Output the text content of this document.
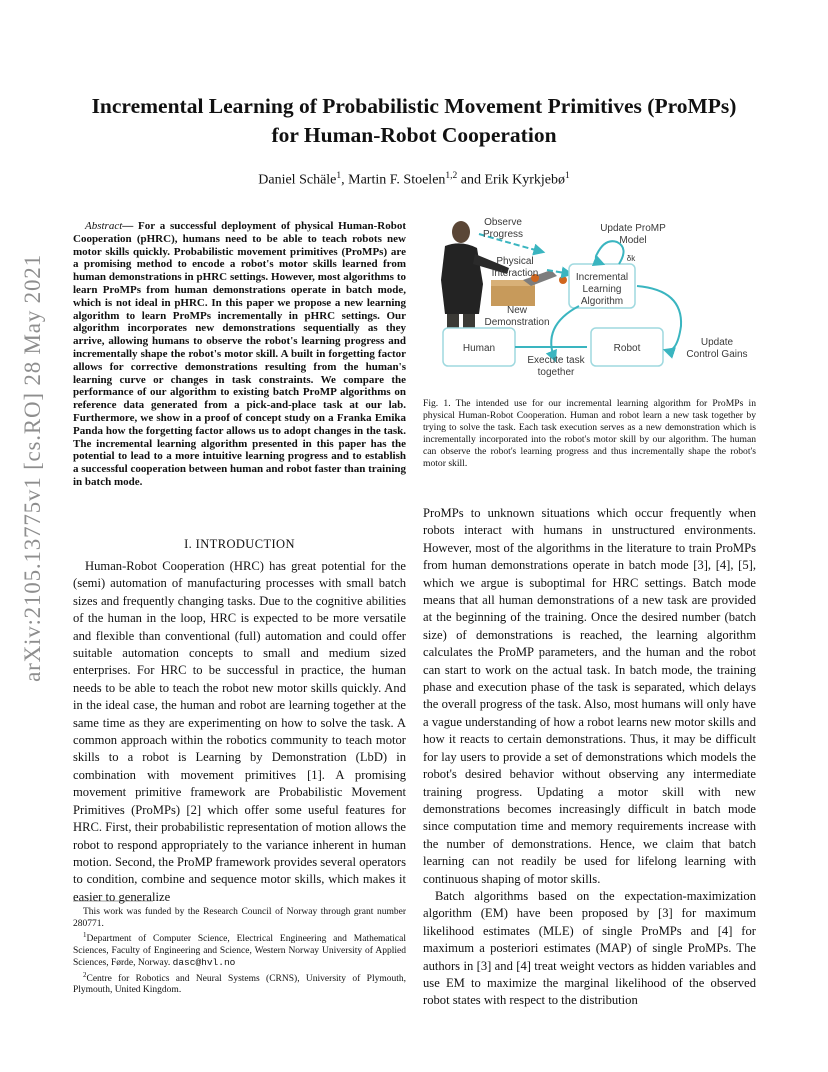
Incremental Learning of Probabilistic Movement Primitives (ProMPs)
for Human-Robot Cooperation
Daniel Schäle$^1$, Martin F. Stoelen$^{1,2}$ and Erik Kyrkjebø$^1$
arXiv:2105.13775v1 [cs.RO] 28 May 2021
Abstract— For a successful deployment of physical Human-Robot Cooperation (pHRC), humans need to be able to teach robots new motor skills quickly. Probabilistic movement primitives (ProMPs) are a promising method to encode a robot's motor skills learned from human demonstrations in pHRC settings. However, most algorithms to learn ProMPs from human demonstrations operate in batch mode, which is not ideal in pHRC. In this paper we propose a new learning algorithm to learn ProMPs incrementally in pHRC settings. Our algorithm incorporates new demonstrations sequentially as they arrive, allowing humans to observe the robot's learning progress and incrementally shape the robot's motor skill. A built in forgetting factor allows for corrective demonstrations resulting from the human's learning curve or changes in task constraints. We compare the performance of our algorithm to existing batch ProMP algorithms on reference data generated from a pick-and-place task at our lab. Furthermore, we show in a proof of concept study on a Franka Emika Panda how the forgetting factor allows us to adopt changes in the task. The incremental learning algorithm presented in this paper has the potential to lead to a more intuitive learning progress and to establish a successful cooperation between human and robot faster than training in batch mode.
I. INTRODUCTION
Human-Robot Cooperation (HRC) has great potential for the (semi) automation of manufacturing processes with small batch sizes and frequently changing tasks. Due to the cognitive abilities of the human in the loop, HRC is expected to be more versatile and flexible than conventional (full) automation and could offer suitable automation concepts to small and medium sized enterprises. For HRC to be successful in practice, the human needs to be able to teach the robot new motor skills quickly. And in the ideal case, the human and robot are learning together at the same time as they are experimenting on how to solve the task. A common approach within the robotics community to teach motor skills to a robot is Learning by Demonstration (LbD) in combination with movement primitives [1]. A promising movement primitive framework are Probabilistic Movement Primitives (ProMPs) [2] which offer some useful features for HRC. First, their probabilistic representation of motion allows the robot to respond appropriately to the variance inherent in human motion. Second, the ProMP framework provides several operators to condition, combine and sequence motor skills, which makes it easier to generalize

This work was funded by the Research Council of Norway through grant number 280771.

$^1$Department of Computer Science, Electrical Engineering and Mathematical Sciences, Faculty of Engineering and Science, Western Norway University of Applied Sciences, Førde, Norway. dasc@hvl.no

$^2$Centre for Robotics and Neural Systems (CRNS), University of Plymouth, Plymouth, United Kingdom.

Observe
Progress
Update ProMP
Model
δk
Physical
Interaction	Incremental
Learning
Algorithm
New
Demonstration
Human	Robot
Execute task
together
Update
Control Gains
Fig. 1. The intended use for our incremental learning algorithm for ProMPs in physical Human-Robot Cooperation. Human and robot learn a new task together by trying to solve the task. Each task execution serves as a new demonstration which is incrementally incorporated into the robot's motor skill by our algorithm. The human can observe the robot's learning progress and thus incrementally shape the robot's motor skill.

ProMPs to unknown situations which occur frequently when robots interact with humans in unstructured environments. However, most of the algorithms in the literature to train ProMPs from human demonstrations operate in batch mode [3], [4], [5], which we argue is suboptimal for HRC settings. Batch mode means that all human demonstrations of a new task are provided at the beginning of the training. Once the desired number (batch size) of demonstrations is reached, the learning algorithm calculates the ProMP parameters, and the human and the robot can start to work on the actual task. In batch mode, the training phase and execution phase of the task is separated, which delays the overall progress of the task. Also, most humans will only have a vague understanding of how a robot learns new motor skills and how it reacts to certain demonstrations. Thus, it may be difficult for lay users to provide a set of demonstrations which models the robot's desired behavior without observing any intermediate training progress. Updating a motor skill with new demonstrations becomes increasingly difficult in batch mode since computation time and memory requirements increase with the number of demonstrations. Hence, we claim that batch learning can not readily be used for lifelong learning with continuous shaping of motor skills.

Batch algorithms based on the expectation-maximization algorithm (EM) have been proposed by [3] for maximum likelihood estimates (MLE) of single ProMPs and [4] for maximum a posteriori estimates (MAP) of single ProMPs. The authors in [3] and [4] treat weight vectors as hidden variables and use EM to maximize the marginal likelihood of the observed robot states with respect to the distribution
